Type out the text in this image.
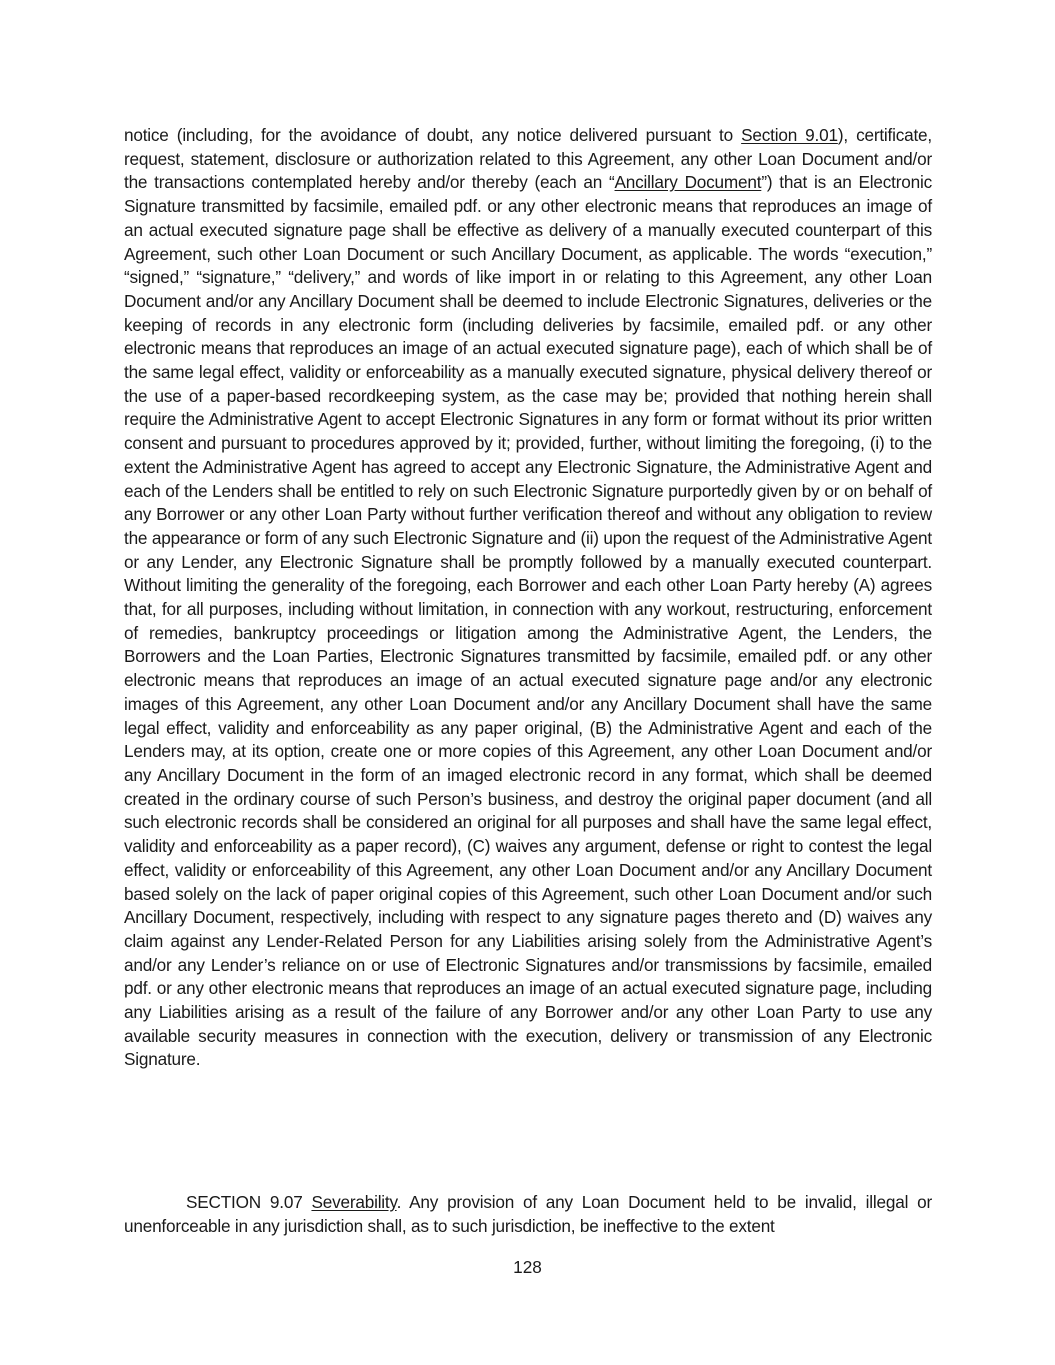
notice (including, for the avoidance of doubt, any notice delivered pursuant to Section 9.01), certificate, request, statement, disclosure or authorization related to this Agreement, any other Loan Document and/or the transactions contemplated hereby and/or thereby (each an “Ancillary Document”) that is an Electronic Signature transmitted by facsimile, emailed pdf. or any other electronic means that reproduces an image of an actual executed signature page shall be effective as delivery of a manually executed counterpart of this Agreement, such other Loan Document or such Ancillary Document, as applicable. The words “execution,” “signed,” “signature,” “delivery,” and words of like import in or relating to this Agreement, any other Loan Document and/or any Ancillary Document shall be deemed to include Electronic Signatures, deliveries or the keeping of records in any electronic form (including deliveries by facsimile, emailed pdf. or any other electronic means that reproduces an image of an actual executed signature page), each of which shall be of the same legal effect, validity or enforceability as a manually executed signature, physical delivery thereof or the use of a paper-based recordkeeping system, as the case may be; provided that nothing herein shall require the Administrative Agent to accept Electronic Signatures in any form or format without its prior written consent and pursuant to procedures approved by it; provided, further, without limiting the foregoing, (i) to the extent the Administrative Agent has agreed to accept any Electronic Signature, the Administrative Agent and each of the Lenders shall be entitled to rely on such Electronic Signature purportedly given by or on behalf of any Borrower or any other Loan Party without further verification thereof and without any obligation to review the appearance or form of any such Electronic Signature and (ii) upon the request of the Administrative Agent or any Lender, any Electronic Signature shall be promptly followed by a manually executed counterpart. Without limiting the generality of the foregoing, each Borrower and each other Loan Party hereby (A) agrees that, for all purposes, including without limitation, in connection with any workout, restructuring, enforcement of remedies, bankruptcy proceedings or litigation among the Administrative Agent, the Lenders, the Borrowers and the Loan Parties, Electronic Signatures transmitted by facsimile, emailed pdf. or any other electronic means that reproduces an image of an actual executed signature page and/or any electronic images of this Agreement, any other Loan Document and/or any Ancillary Document shall have the same legal effect, validity and enforceability as any paper original, (B) the Administrative Agent and each of the Lenders may, at its option, create one or more copies of this Agreement, any other Loan Document and/or any Ancillary Document in the form of an imaged electronic record in any format, which shall be deemed created in the ordinary course of such Person’s business, and destroy the original paper document (and all such electronic records shall be considered an original for all purposes and shall have the same legal effect, validity and enforceability as a paper record), (C) waives any argument, defense or right to contest the legal effect, validity or enforceability of this Agreement, any other Loan Document and/or any Ancillary Document based solely on the lack of paper original copies of this Agreement, such other Loan Document and/or such Ancillary Document, respectively, including with respect to any signature pages thereto and (D) waives any claim against any Lender-Related Person for any Liabilities arising solely from the Administrative Agent’s and/or any Lender’s reliance on or use of Electronic Signatures and/or transmissions by facsimile, emailed pdf. or any other electronic means that reproduces an image of an actual executed signature page, including any Liabilities arising as a result of the failure of any Borrower and/or any other Loan Party to use any available security measures in connection with the execution, delivery or transmission of any Electronic Signature.

SECTION 9.07 Severability. Any provision of any Loan Document held to be invalid, illegal or unenforceable in any jurisdiction shall, as to such jurisdiction, be ineffective to the extent

128
